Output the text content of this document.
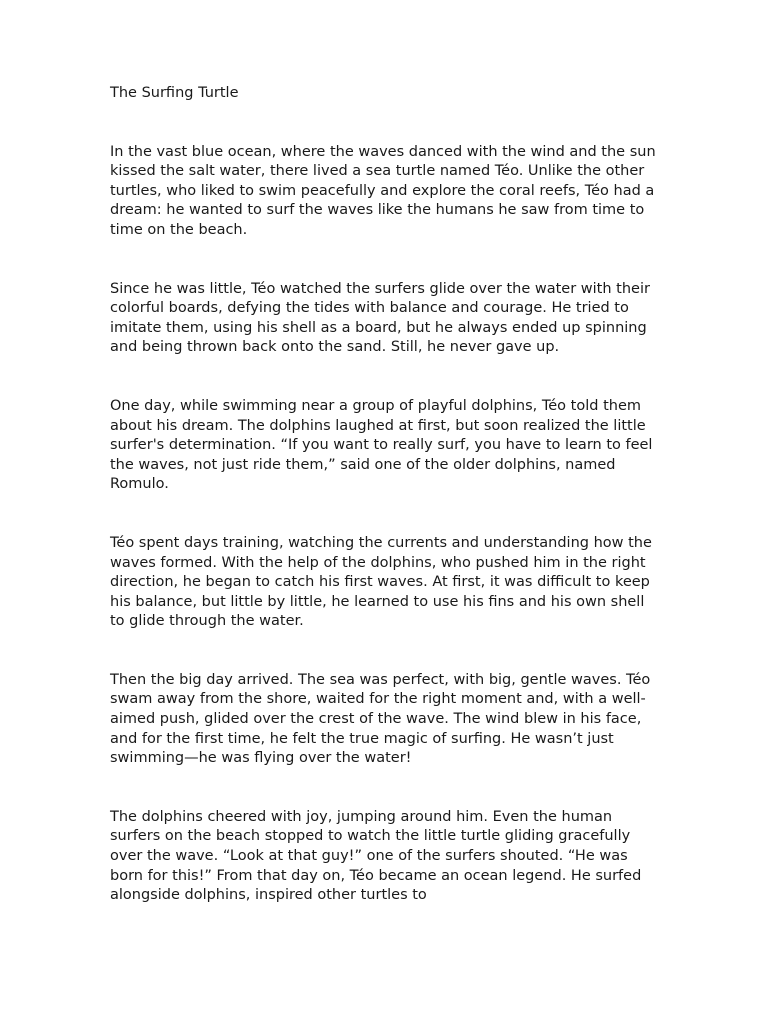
The Surfing Turtle

In the vast blue ocean, where the waves danced with the wind and the sun kissed the salt water, there lived a sea turtle named Téo. Unlike the other turtles, who liked to swim peacefully and explore the coral reefs, Téo had a dream: he wanted to surf the waves like the humans he saw from time to time on the beach.

Since he was little, Téo watched the surfers glide over the water with their colorful boards, defying the tides with balance and courage. He tried to imitate them, using his shell as a board, but he always ended up spinning and being thrown back onto the sand. Still, he never gave up.

One day, while swimming near a group of playful dolphins, Téo told them about his dream. The dolphins laughed at first, but soon realized the little surfer's determination. “If you want to really surf, you have to learn to feel the waves, not just ride them,” said one of the older dolphins, named Romulo.

Téo spent days training, watching the currents and understanding how the waves formed. With the help of the dolphins, who pushed him in the right direction, he began to catch his first waves. At first, it was difficult to keep his balance, but little by little, he learned to use his fins and his own shell to glide through the water.

Then the big day arrived. The sea was perfect, with big, gentle waves. Téo swam away from the shore, waited for the right moment and, with a well-aimed push, glided over the crest of the wave. The wind blew in his face, and for the first time, he felt the true magic of surfing. He wasn’t just swimming—he was flying over the water!

The dolphins cheered with joy, jumping around him. Even the human surfers on the beach stopped to watch the little turtle gliding gracefully over the wave. “Look at that guy!” one of the surfers shouted. “He was born for this!” From that day on, Téo became an ocean legend. He surfed alongside dolphins, inspired other turtles to
